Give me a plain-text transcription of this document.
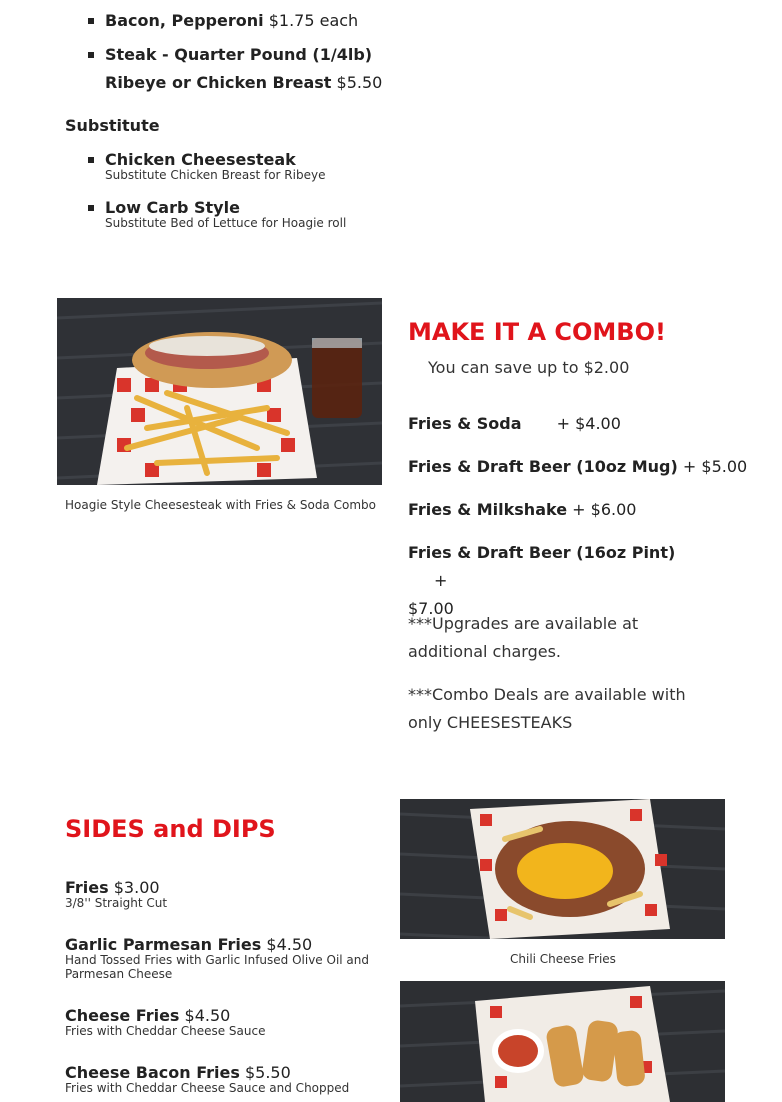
Bacon, Pepperoni $1.75 each
Steak - Quarter Pound (1/4lb)
Ribeye or Chicken Breast $5.50
Substitute
Chicken Cheesesteak
Substitute Chicken Breast for Ribeye
Low Carb Style
Substitute Bed of Lettuce for Hoagie roll
Hoagie Style Cheesesteak with Fries & Soda Combo
MAKE IT A COMBO!
You can save up to $2.00
Fries & Soda + $4.00
Fries & Draft Beer (10oz Mug) + $5.00
Fries & Milkshake + $6.00
Fries & Draft Beer (16oz Pint) +
$7.00
***Upgrades are available at additional charges.
***Combo Deals are available with only CHEESESTEAKS
SIDES and DIPS
Fries $3.00
3/8'' Straight Cut
Garlic Parmesan Fries $4.50
Hand Tossed Fries with Garlic Infused Olive Oil and Parmesan Cheese
Cheese Fries $4.50
Fries with Cheddar Cheese Sauce
Cheese Bacon Fries $5.50
Fries with Cheddar Cheese Sauce and Chopped
Chili Cheese Fries
